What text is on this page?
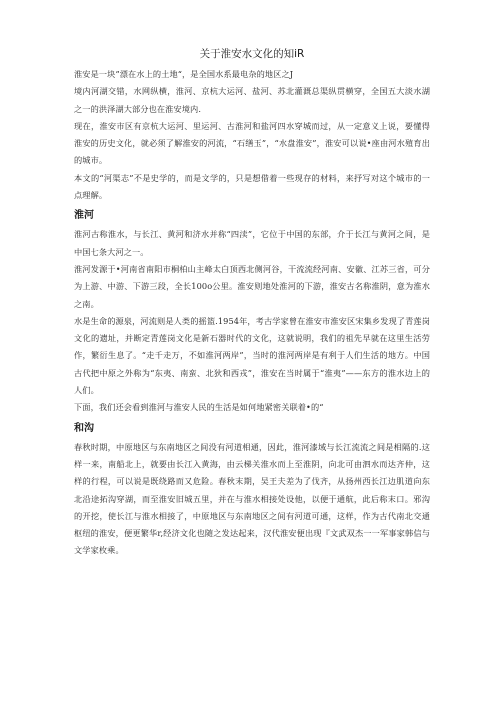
关于淮安水文化的知iR

淮安是一块”漂在水上的土地“，是全国水系最电杂的地区之J

境内河湖交错，水网纵横，淮河、京杭大运河、盐河、苏北灌溉总渠纵贯横穿，全国五大淡水湖之一的洪泽湖大部分也在淮安境内.

现在，淮安市区有京杭大运河、里运河、古淮河和盐河四水穿城而过，从一定意义上说，要懂得淮安的历史文化，就必须了解淮安的河流，“石缮玉”，“水盘淮安”，淮安可以说•座由河水殖育出的城市。

本文的“河渠志”不是史学的，而是文学的，只是想借着一些现存的材料，来抒写对这个城市的一点理解。

淮河

淮河古称淮水，与长江、黄河和济水并称“四渎”，它位于中国的东部，介于长江与黄河之间，是中国七条大河之一。

淮河发源于•河南省南阳市桐柏山主峰太白顶西北侧河谷，干流流经河南、安徽、江苏三省，可分为上游、中游、下游三段，全长100o公里。淮安则地处淮河的下游，淮安古名称淮阴，意为淮水之南。

水是生命的源泉，河流则是人类的摇篮.1954年，考古学家曾在淮安市淮安区宋集乡发现了青莲岗文化的遗址，并断定青莲岗文化是新石器时代的文化，这就说明，我们的祖先早就在这里生活劳作，繁衍生息了。“走千走万，不如淮河两岸”，当时的淮河两岸是有利于人们生活的地方。中国古代把中原之外称为“东夷、南蛮、北狄和西戎”，淮安在当时属于“淮夷”——东方的淮水边上的人们。

下面，我们还会看到淮河与淮安人民的生活是如何地紧密关联着•的“

和沟

春秋时期，中原地区与东南地区之间没有河道相通，因此，淮河漆域与长江流流之间是相隔的.这样一来，南船北上，就要由长江入黄海，由云梯关淮水而上至淮阴，向北可由泗水而达齐仲，这样的行程，可以说是既绕路而又危险。春秋末期，吴王夫差为了伐齐，从扬州西长江边肌道向东北沿途拓沟穿湖，而至淮安旧城五里，并在与淮水相接处设他，以便于通航，此后称末口。邪沟的开挖，使长江与淮水相接了，中原地区与东南地区之间有河道可通，这样，作为古代南北交通枢纽的淮安，便更繁华r,经济文化也随之发达起来，汉代淮安便出现『文武双杰一一军事家韩信与文学家枚乘。
